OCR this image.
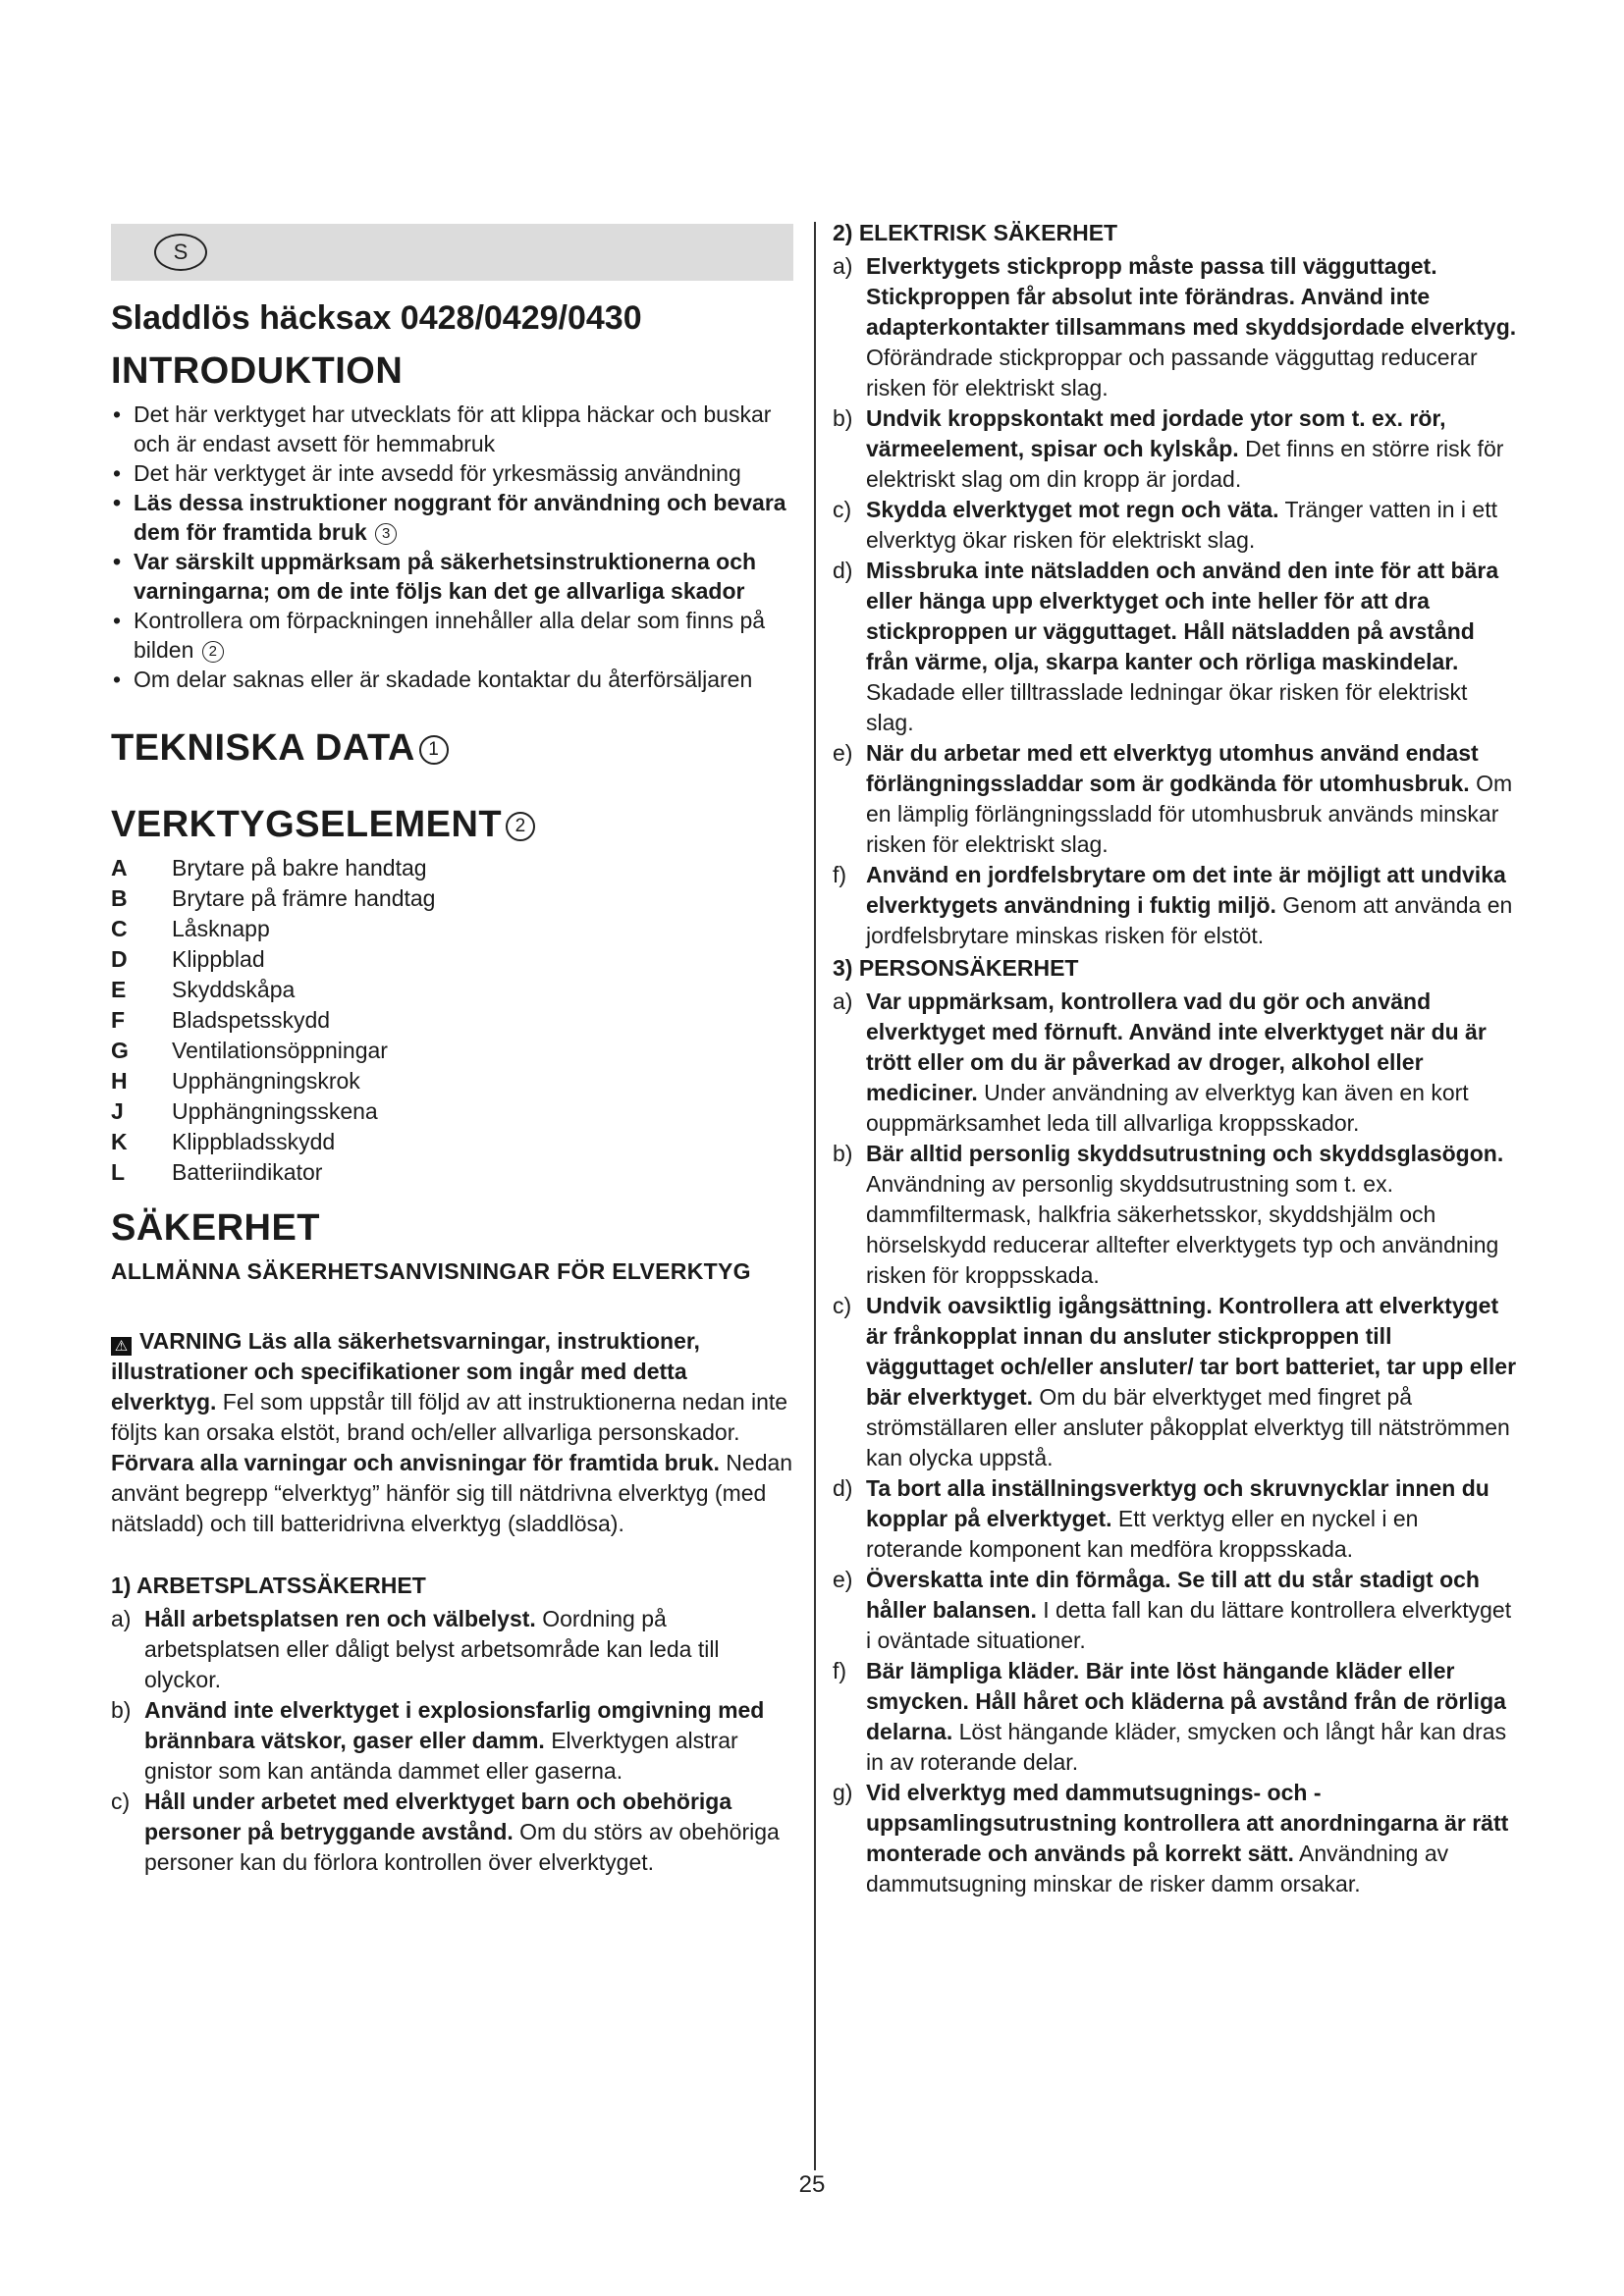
S
Sladdlös häcksax 0428/0429/0430
INTRODUKTION
• Det här verktyget har utvecklats för att klippa häckar och buskar och är endast avsett för hemmabruk
• Det här verktyget är inte avsedd för yrkesmässig användning
• Läs dessa instruktioner noggrant för användning och bevara dem för framtida bruk 3
• Var särskilt uppmärksam på säkerhetsinstruktionerna och varningarna; om de inte följs kan det ge allvarliga skador
• Kontrollera om förpackningen innehåller alla delar som finns på bilden 2
• Om delar saknas eller är skadade kontaktar du återförsäljaren
TEKNISKA DATA 1
VERKTYGSELEMENT 2
A	Brytare på bakre handtag
B	Brytare på främre handtag
C	Låsknapp
D	Klippblad
E	Skyddskåpa
F	Bladspetsskydd
G	Ventilationsöppningar
H	Upphängningskrok
J	Upphängningsskena
K	Klippbladsskydd
L	Batteriindikator
SÄKERHET
ALLMÄNNA SÄKERHETSANVISNINGAR FÖR ELVERKTYG

⚠ VARNING Läs alla säkerhetsvarningar, instruktioner, illustrationer och specifikationer som ingår med detta elverktyg. Fel som uppstår till följd av att instruktionerna nedan inte följts kan orsaka elstöt, brand och/eller allvarliga personskador. Förvara alla varningar och anvisningar för framtida bruk. Nedan använt begrepp “elverktyg” hänför sig till nätdrivna elverktyg (med nätsladd) och till batteridrivna elverktyg (sladdlösa).

1) ARBETSPLATSSÄKERHET
a) Håll arbetsplatsen ren och välbelyst. Oordning på arbetsplatsen eller dåligt belyst arbetsområde kan leda till olyckor.
b) Använd inte elverktyget i explosionsfarlig omgivning med brännbara vätskor, gaser eller damm. Elverktygen alstrar gnistor som kan antända dammet eller gaserna.
c) Håll under arbetet med elverktyget barn och obehöriga personer på betryggande avstånd. Om du störs av obehöriga personer kan du förlora kontrollen över elverktyget.
2) ELEKTRISK SÄKERHET
a) Elverktygets stickpropp måste passa till vägguttaget. Stickproppen får absolut inte förändras. Använd inte adapterkontakter tillsammans med skyddsjordade elverktyg. Oförändrade stickproppar och passande vägguttag reducerar risken för elektriskt slag.
b) Undvik kroppskontakt med jordade ytor som t. ex. rör, värmeelement, spisar och kylskåp. Det finns en större risk för elektriskt slag om din kropp är jordad.
c) Skydda elverktyget mot regn och väta. Tränger vatten in i ett elverktyg ökar risken för elektriskt slag.
d) Missbruka inte nätsladden och använd den inte för att bära eller hänga upp elverktyget och inte heller för att dra stickproppen ur vägguttaget. Håll nätsladden på avstånd från värme, olja, skarpa kanter och rörliga maskindelar. Skadade eller tilltrasslade ledningar ökar risken för elektriskt slag.
e) När du arbetar med ett elverktyg utomhus använd endast förlängningssladdar som är godkända för utomhusbruk. Om en lämplig förlängningssladd för utomhusbruk används minskar risken för elektriskt slag.
f) Använd en jordfelsbrytare om det inte är möjligt att undvika elverktygets användning i fuktig miljö. Genom att använda en jordfelsbrytare minskas risken för elstöt.
3) PERSONSÄKERHET
a) Var uppmärksam, kontrollera vad du gör och använd elverktyget med förnuft. Använd inte elverktyget när du är trött eller om du är påverkad av droger, alkohol eller mediciner. Under användning av elverktyg kan även en kort ouppmärksamhet leda till allvarliga kroppsskador.
b) Bär alltid personlig skyddsutrustning och skyddsglasögon. Användning av personlig skyddsutrustning som t. ex. dammfiltermask, halkfria säkerhetsskor, skyddshjälm och hörselskydd reducerar alltefter elverktygets typ och användning risken för kroppsskada.
c) Undvik oavsiktlig igångsättning. Kontrollera att elverktyget är frånkopplat innan du ansluter stickproppen till vägguttaget och/eller ansluter/ tar bort batteriet, tar upp eller bär elverktyget. Om du bär elverktyget med fingret på strömställaren eller ansluter påkopplat elverktyg till nätströmmen kan olycka uppstå.
d) Ta bort alla inställningsverktyg och skruvnycklar innen du kopplar på elverktyget. Ett verktyg eller en nyckel i en roterande komponent kan medföra kroppsskada.
e) Överskatta inte din förmåga. Se till att du står stadigt och håller balansen. I detta fall kan du lättare kontrollera elverktyget i oväntade situationer.
f) Bär lämpliga kläder. Bär inte löst hängande kläder eller smycken. Håll håret och kläderna på avstånd från de rörliga delarna. Löst hängande kläder, smycken och långt hår kan dras in av roterande delar.
g) Vid elverktyg med dammutsugnings- och -uppsamlingsutrustning kontrollera att anordningarna är rätt monterade och används på korrekt sätt. Användning av dammutsugning minskar de risker damm orsakar.
25
